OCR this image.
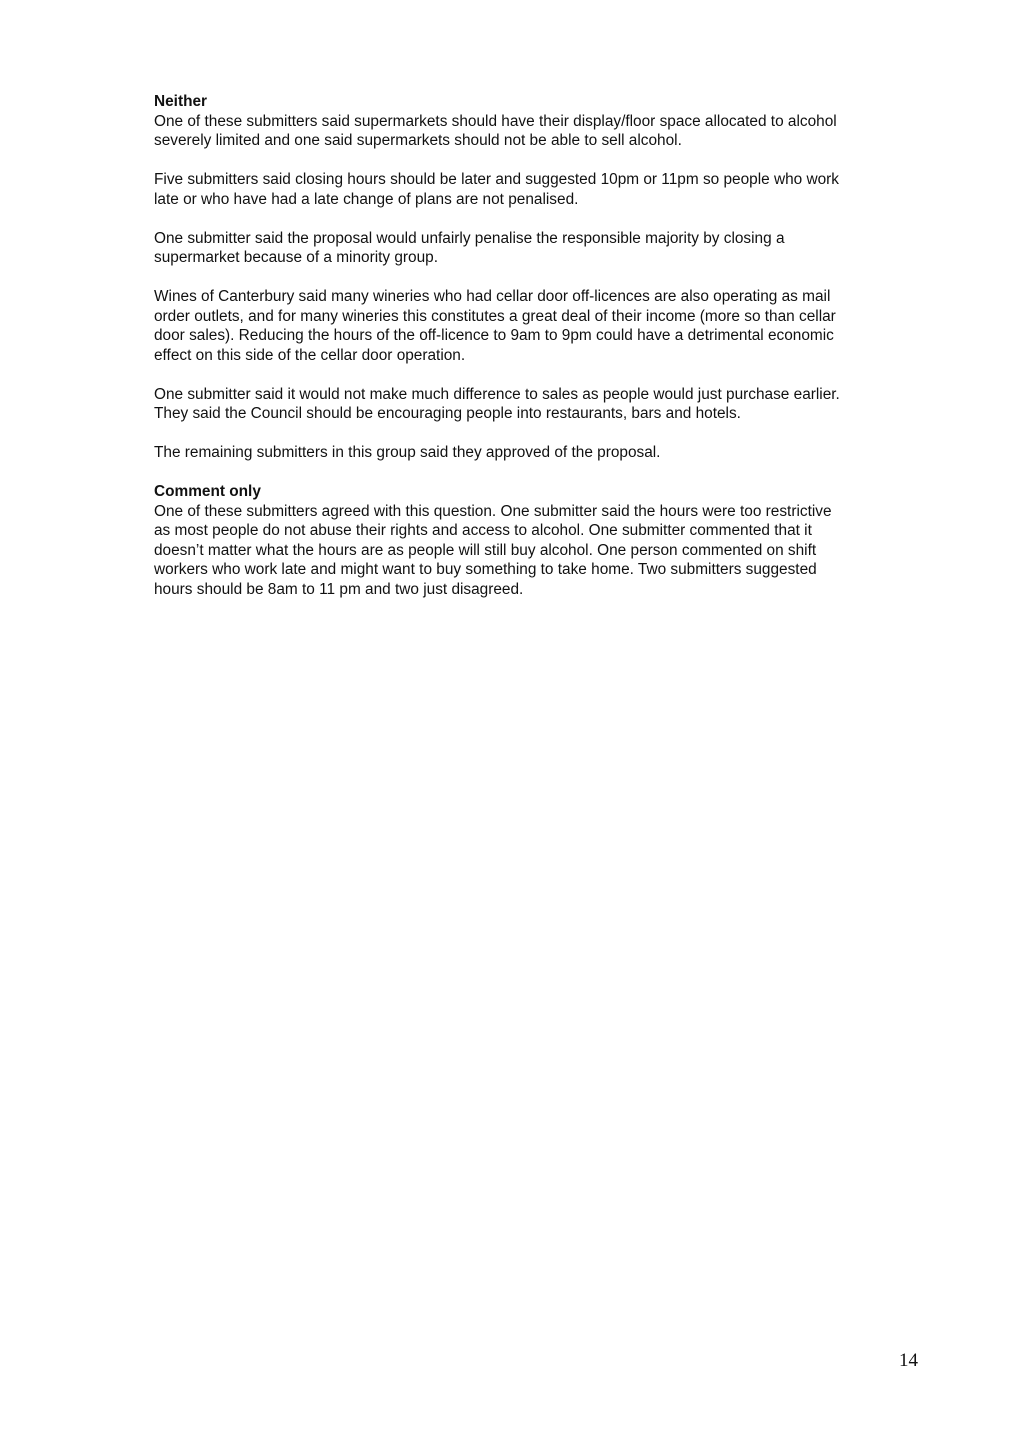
Neither

One of these submitters said supermarkets should have their display/floor space allocated to alcohol
severely limited and one said supermarkets should not be able to sell alcohol.

Five submitters said closing hours should be later and suggested 10pm or 11pm so people who work
late or who have had a late change of plans are not penalised.

One submitter said the proposal would unfairly penalise the responsible majority by closing a
supermarket because of a minority group.

Wines of Canterbury said many wineries who had cellar door off-licences are also operating as mail
order outlets, and for many wineries this constitutes a great deal of their income (more so than cellar
door sales). Reducing the hours of the off-licence to 9am to 9pm could have a detrimental economic
effect on this side of the cellar door operation.

One submitter said it would not make much difference to sales as people would just purchase earlier.
They said the Council should be encouraging people into restaurants, bars and hotels.

The remaining submitters in this group said they approved of the proposal.

Comment only

One of these submitters agreed with this question. One submitter said the hours were too restrictive
as most people do not abuse their rights and access to alcohol. One submitter commented that it
doesn’t matter what the hours are as people will still buy alcohol. One person commented on shift
workers who work late and might want to buy something to take home. Two submitters suggested
hours should be 8am to 11 pm and two just disagreed.

14
